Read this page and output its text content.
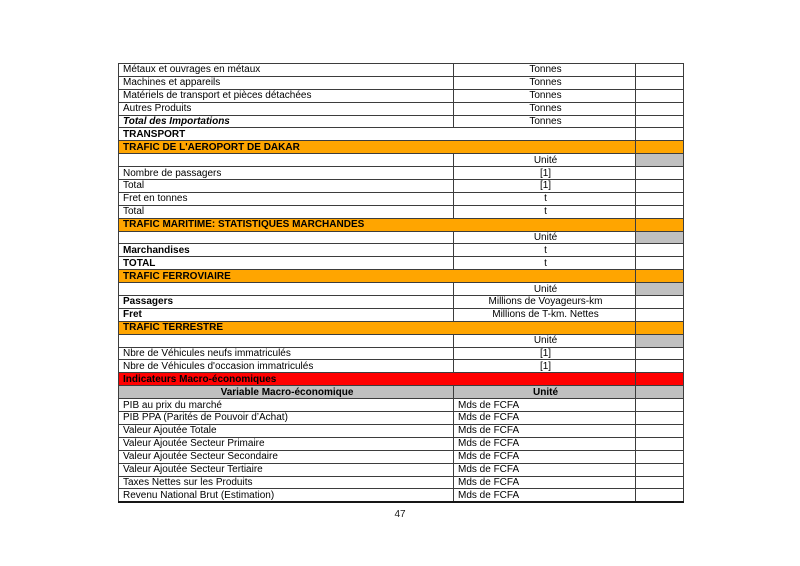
Métaux et ouvrages en métaux	Tonnes	
Machines et appareils	Tonnes	
Matériels de transport et pièces détachées	Tonnes	
Autres Produits	Tonnes	
Total des Importations	Tonnes	
TRANSPORT		
TRAFIC DE L'AEROPORT DE DAKAR		
	Unité	
Nombre de passagers	[1]	
Total	[1]	
Fret en tonnes	t	
Total	t	
TRAFIC MARITIME: STATISTIQUES MARCHANDES		
	Unité	
Marchandises	t	
TOTAL	t	
TRAFIC FERROVIAIRE		
	Unité	
Passagers	Millions de Voyageurs-km	
Fret	Millions de T-km. Nettes	
TRAFIC TERRESTRE		
	Unité	
Nbre de Véhicules neufs immatriculés	[1]	
Nbre de Véhicules d'occasion immatriculés	[1]	
Indicateurs Macro-économiques		
Variable Macro-économique	Unité	
PIB au prix du marché	Mds de FCFA	
PIB PPA (Parités de Pouvoir d’Achat)	Mds de FCFA	
Valeur Ajoutée Totale	Mds de FCFA	
Valeur Ajoutée Secteur Primaire	Mds de FCFA	
Valeur Ajoutée Secteur Secondaire	Mds de FCFA	
Valeur Ajoutée Secteur Tertiaire	Mds de FCFA	
Taxes Nettes sur les Produits	Mds de FCFA	
Revenu National Brut (Estimation)	Mds de FCFA	
47
